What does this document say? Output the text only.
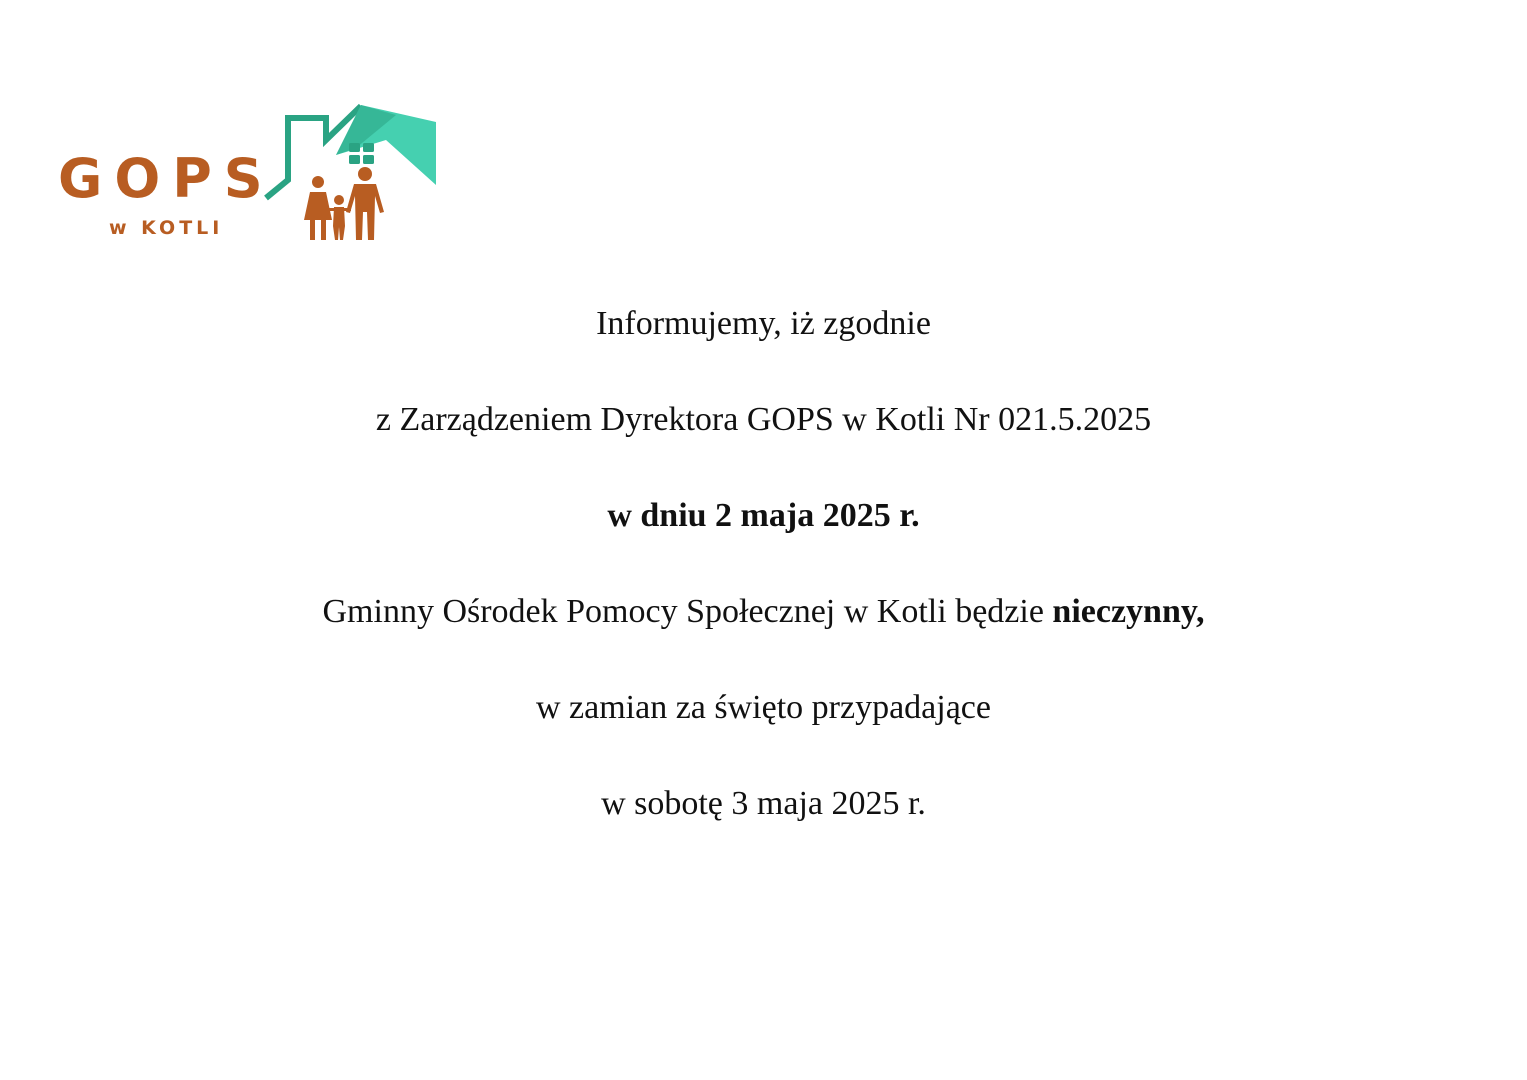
GOPS
w KOTLI
Informujemy, iż zgodnie
z Zarządzeniem Dyrektora GOPS w Kotli Nr 021.5.2025
w dniu 2 maja 2025 r.
Gminny Ośrodek Pomocy Społecznej w Kotli będzie nieczynny,
w zamian za święto przypadające
w sobotę 3 maja 2025 r.
